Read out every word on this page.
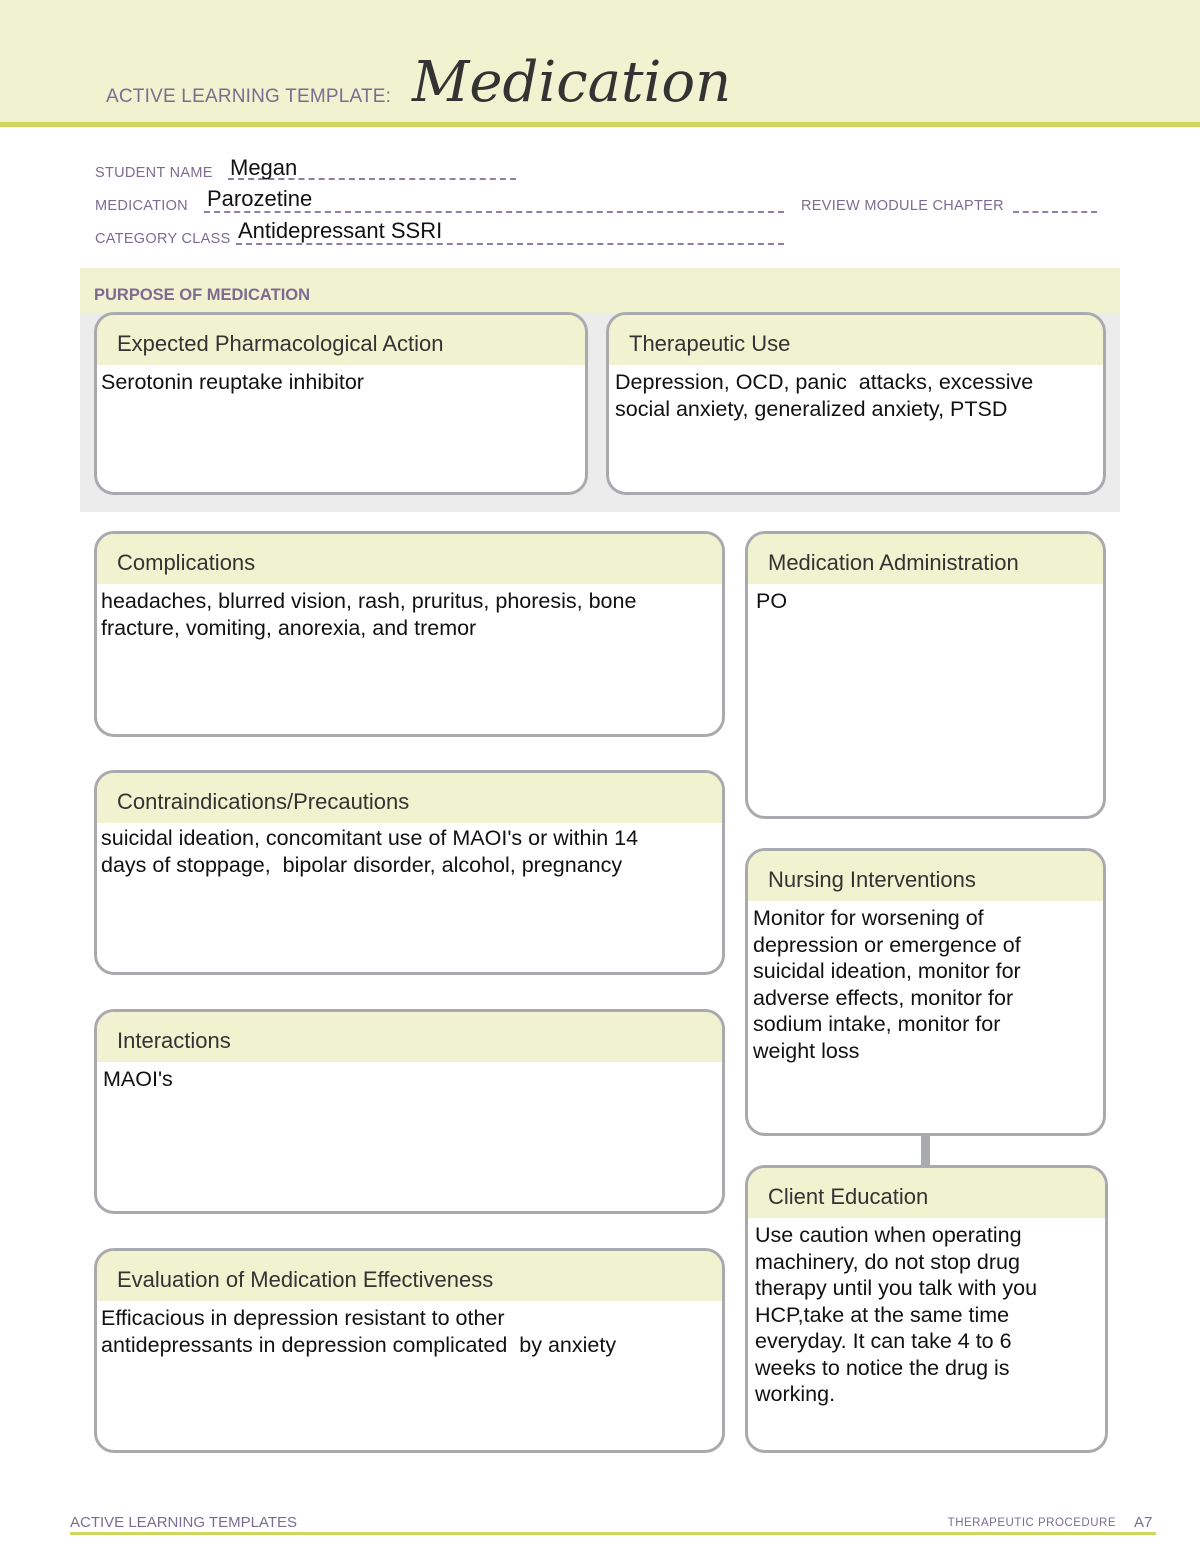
ACTIVE LEARNING TEMPLATE: Medication
STUDENT NAME Megan
MEDICATION Parozetine	REVIEW MODULE CHAPTER
CATEGORY CLASS Antidepressant SSRI
PURPOSE OF MEDICATION
Expected Pharmacological Action
Serotonin reuptake inhibitor
Therapeutic Use
Depression, OCD, panic  attacks, excessive
social anxiety, generalized anxiety, PTSD
Complications
headaches, blurred vision, rash, pruritus, phoresis, bone
fracture, vomiting, anorexia, and tremor
Medication Administration
PO
Contraindications/Precautions
suicidal ideation, concomitant use of MAOI's or within 14
days of stoppage,  bipolar disorder, alcohol, pregnancy
Nursing Interventions
Monitor for worsening of
depression or emergence of
suicidal ideation, monitor for
adverse effects, monitor for
sodium intake, monitor for
weight loss
Interactions
MAOI's
Client Education
Use caution when operating
machinery, do not stop drug
therapy until you talk with you
HCP,take at the same time
everyday. It can take 4 to 6
weeks to notice the drug is
working.
Evaluation of Medication Effectiveness
Efficacious in depression resistant to other
antidepressants in depression complicated  by anxiety
ACTIVE LEARNING TEMPLATES	THERAPEUTIC PROCEDURE A7
